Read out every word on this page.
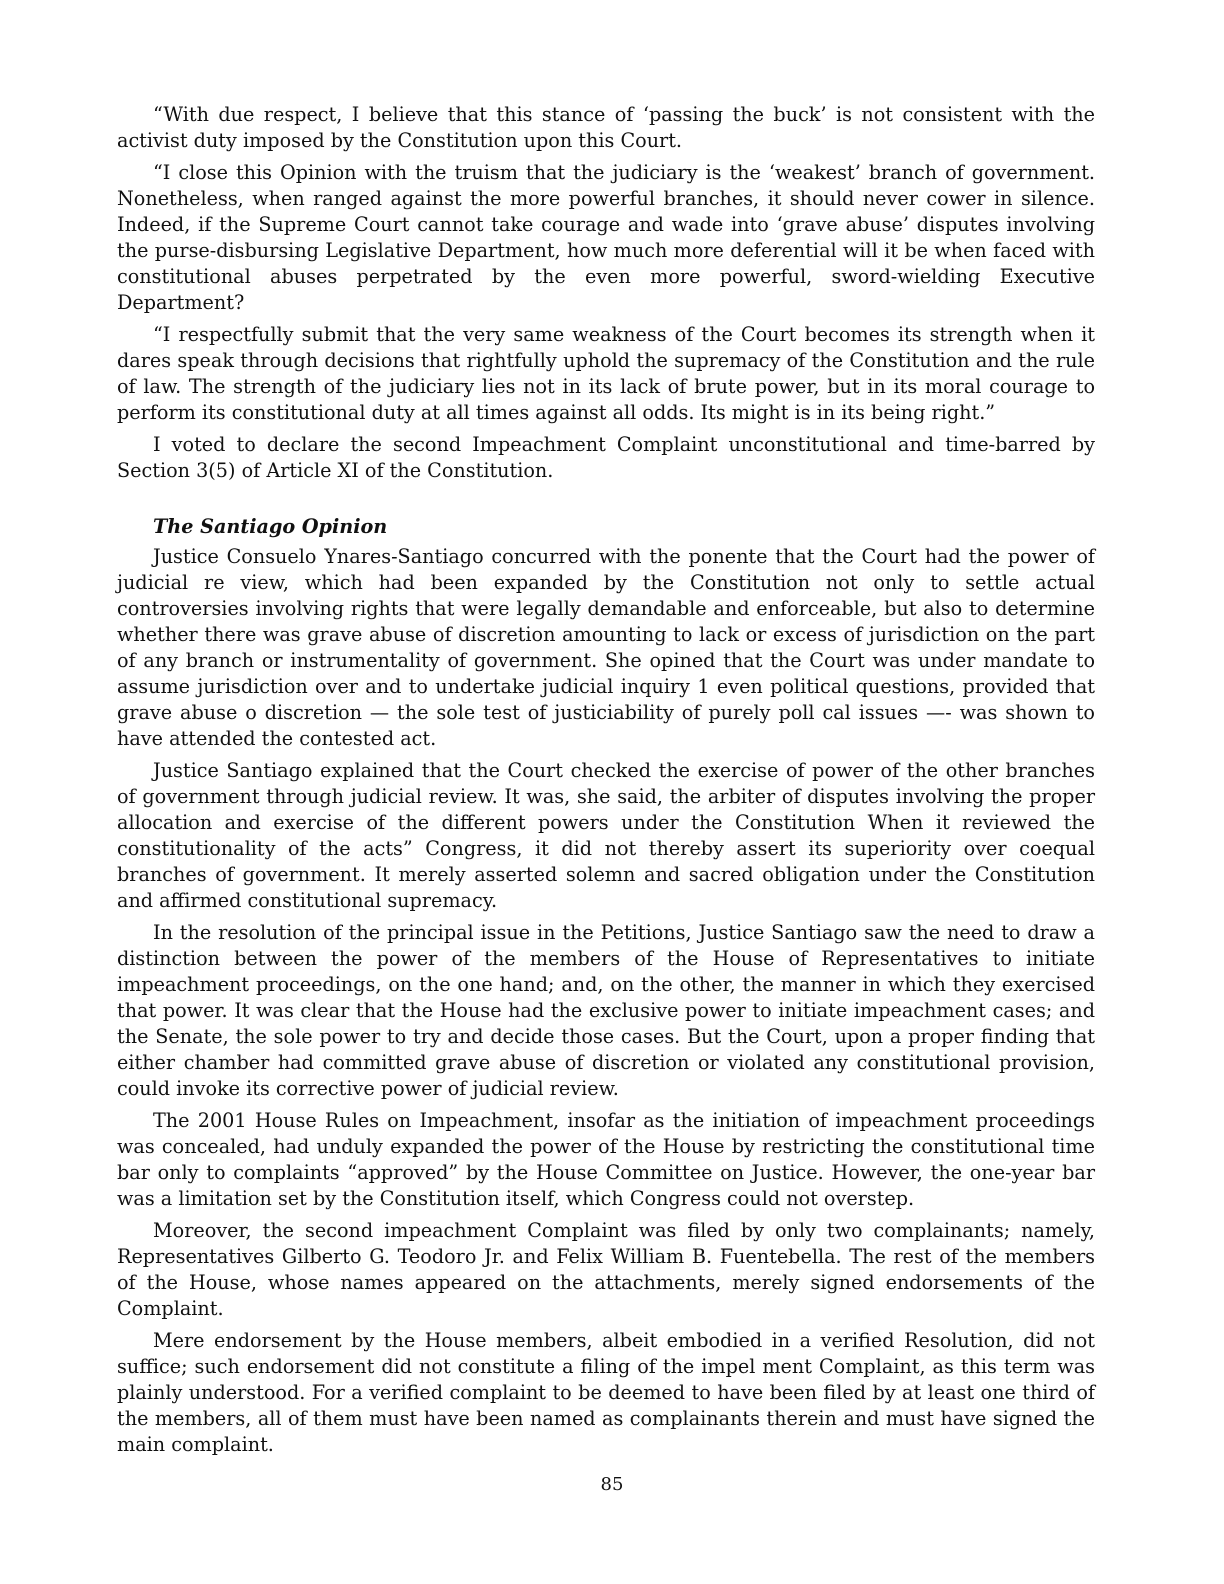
“With due respect, I believe that this stance of ‘passing the buck’ is not consistent with the activist duty imposed by the Constitution upon this Court.

“I close this Opinion with the truism that the judiciary is the ‘weakest’ branch of government. Nonetheless, when ranged against the more powerful branches, it should never cower in silence. Indeed, if the Supreme Court cannot take courage and wade into ‘grave abuse’ disputes involving the purse-disbursing Legislative Department, how much more deferential will it be when faced with constitutional abuses perpetrated by the even more powerful, sword-wielding Executive Department?

“I respectfully submit that the very same weakness of the Court becomes its strength when it dares speak through decisions that rightfully uphold the supremacy of the Constitution and the rule of law. The strength of the judiciary lies not in its lack of brute power, but in its moral courage to perform its constitutional duty at all times against all odds. Its might is in its being right.”

I voted to declare the second Impeachment Complaint unconstitutional and time-barred by Section 3(5) of Article XI of the Constitution.

The Santiago Opinion

Justice Consuelo Ynares-Santiago concurred with the ponente that the Court had the power of judicial re view, which had been expanded by the Constitution not only to settle actual controversies involving rights that were legally demandable and enforceable, but also to determine whether there was grave abuse of discretion amounting to lack or excess of jurisdiction on the part of any branch or instrumentality of government. She opined that the Court was under mandate to assume jurisdiction over and to undertake judicial inquiry 1 even political questions, provided that grave abuse o discretion — the sole test of justiciability of purely poll cal issues —- was shown to have attended the contested act.

Justice Santiago explained that the Court checked the exercise of power of the other branches of government through judicial review. It was, she said, the arbiter of disputes involving the proper allocation and exercise of the different powers under the Constitution When it reviewed the constitutionality of the acts” Congress, it did not thereby assert its superiority over coequal branches of government. It merely asserted solemn and sacred obligation under the Constitution and affirmed constitutional supremacy.

In the resolution of the principal issue in the Petitions, Justice Santiago saw the need to draw a distinction between the power of the members of the House of Representatives to initiate impeachment proceedings, on the one hand; and, on the other, the manner in which they exercised that power. It was clear that the House had the exclusive power to initiate impeachment cases; and the Senate, the sole power to try and decide those cases. But the Court, upon a proper finding that either chamber had committed grave abuse of discretion or violated any constitutional provision, could invoke its corrective power of judicial review.

The 2001 House Rules on Impeachment, insofar as the initiation of impeachment proceedings was concealed, had unduly expanded the power of the House by restricting the constitutional time bar only to complaints “approved” by the House Committee on Justice. However, the one-year bar was a limitation set by the Constitution itself, which Congress could not overstep.

Moreover, the second impeachment Complaint was filed by only two complainants; namely, Representatives Gilberto G. Teodoro Jr. and Felix William B. Fuentebella. The rest of the members of the House, whose names appeared on the attachments, merely signed endorsements of the Complaint.

Mere endorsement by the House members, albeit embodied in a verified Resolution, did not suffice; such endorsement did not constitute a filing of the impel ment Complaint, as this term was plainly understood. For a verified complaint to be deemed to have been filed by at least one third of the members, all of them must have been named as complainants therein and must have signed the main complaint.

85
